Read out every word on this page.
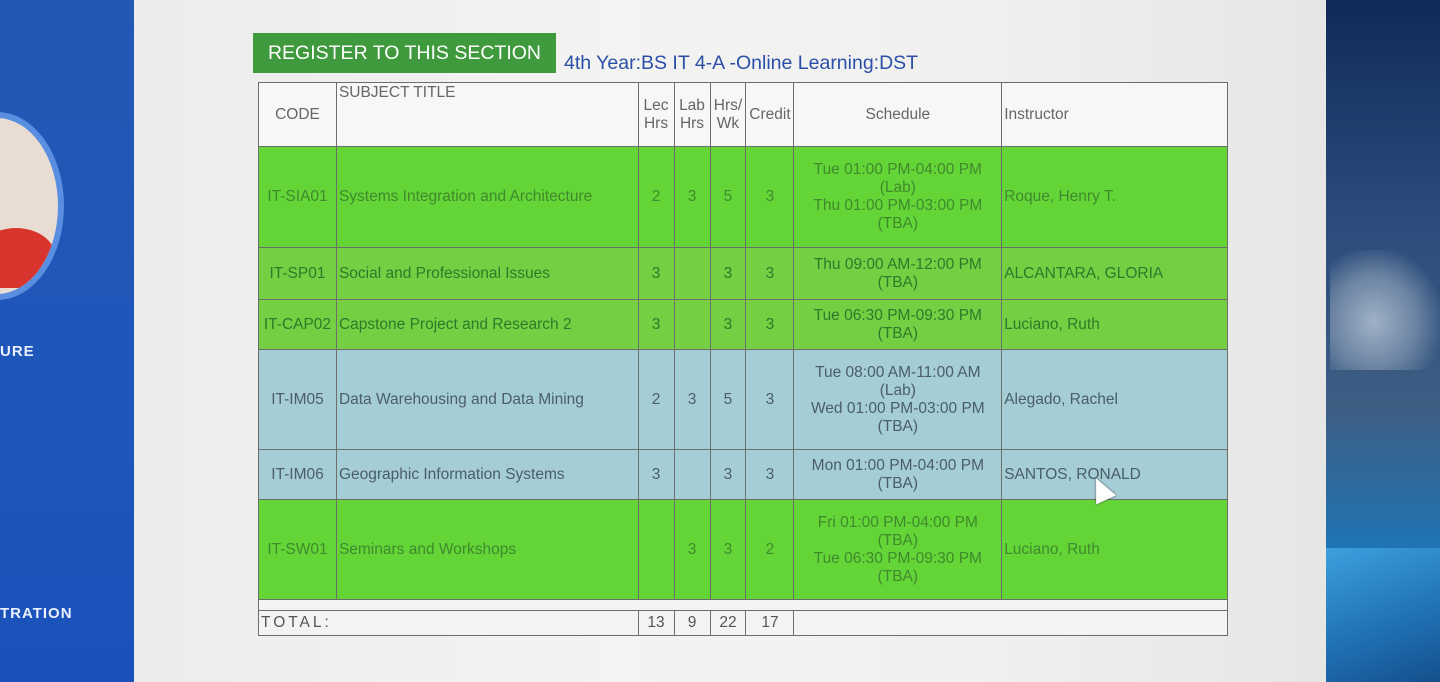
URE
TRATION
REGISTER TO THIS SECTION	4th Year:BS IT 4-A -Online Learning:DST
CODE	SUBJECT TITLE	Lec Hrs	Lab Hrs	Hrs/ Wk	Credit	Schedule	Instructor
IT-SIA01	Systems Integration and Architecture	2	3	5	3	Tue 01:00 PM-04:00 PM
(Lab)
Thu 01:00 PM-03:00 PM
(TBA)	Roque, Henry T.
IT-SP01	Social and Professional Issues	3		3	3	Thu 09:00 AM-12:00 PM
(TBA)	ALCANTARA, GLORIA
IT-CAP02	Capstone Project and Research 2	3		3	3	Tue 06:30 PM-09:30 PM
(TBA)	Luciano, Ruth
IT-IM05	Data Warehousing and Data Mining	2	3	5	3	Tue 08:00 AM-11:00 AM
(Lab)
Wed 01:00 PM-03:00 PM
(TBA)	Alegado, Rachel
IT-IM06	Geographic Information Systems	3		3	3	Mon 01:00 PM-04:00 PM
(TBA)	SANTOS, RONALD
IT-SW01	Seminars and Workshops		3	3	2	Fri 01:00 PM-04:00 PM
(TBA)
Tue 06:30 PM-09:30 PM
(TBA)	Luciano, Ruth

TOTAL:		13	9	22	17		
